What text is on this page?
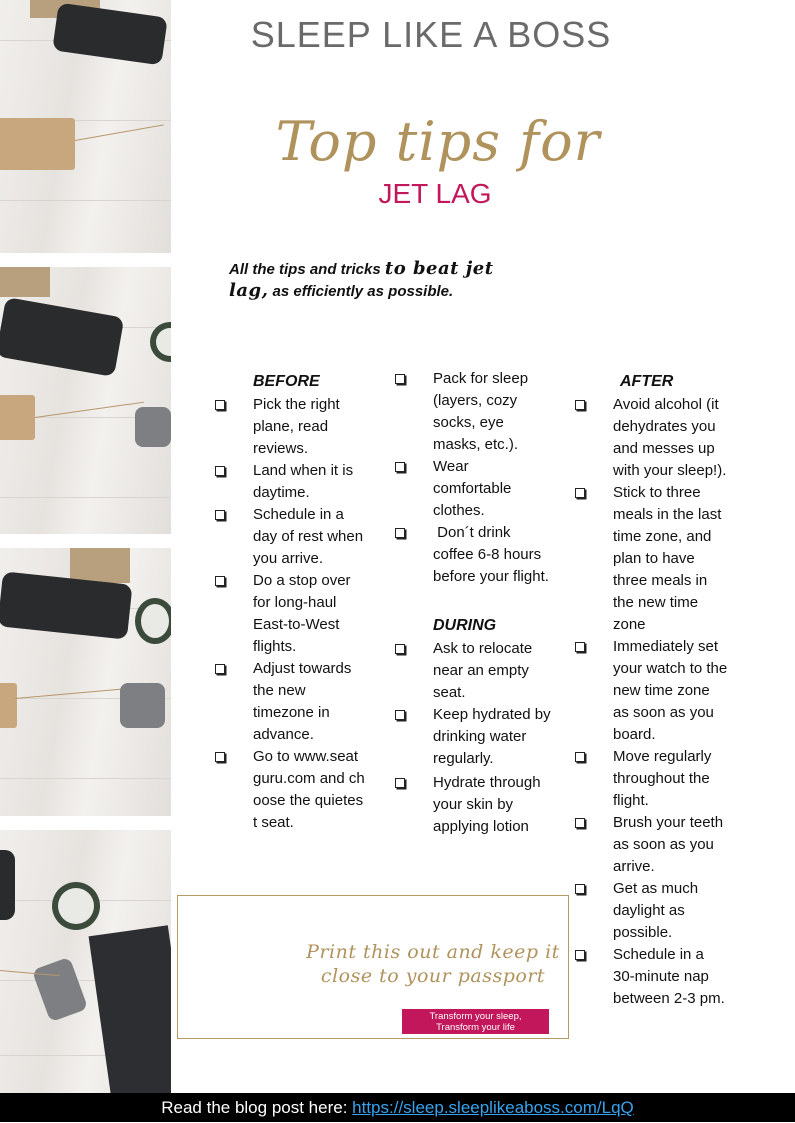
SLEEP LIKE A BOSS
Top tips for
JET LAG
All the tips and tricks to beat jet lag, as efficiently as possible.
BEFORE
Pick the right plane, read reviews.
Land when it is daytime.
Schedule in a day of rest when you arrive.
Do a stop over for long-haul East-to-West flights.
Adjust towards the new timezone in advance.
Go to www.seatguru.com and choose the quietest seat.
Pack for sleep (layers, cozy socks, eye masks, etc.).
Wear comfortable clothes.
Don´t drink coffee 6-8 hours before your flight.
DURING
Ask to relocate near an empty seat.
Keep hydrated by drinking water regularly.
Hydrate through your skin by applying lotion
AFTER
Avoid alcohol (it dehydrates you and messes up with your sleep!).
Stick to three meals in the last time zone, and plan to have three meals in the new time zone
Immediately set your watch to the new time zone as soon as you board.
Move regularly throughout the flight.
Brush your teeth as soon as you arrive.
Get as much daylight as possible.
Schedule in a 30-minute nap between 2-3 pm.
Print this out and keep it close to your passport
Transform your sleep,
Transform your life
Read the blog post here: https://sleep.sleeplikeaboss.com/LqQ
